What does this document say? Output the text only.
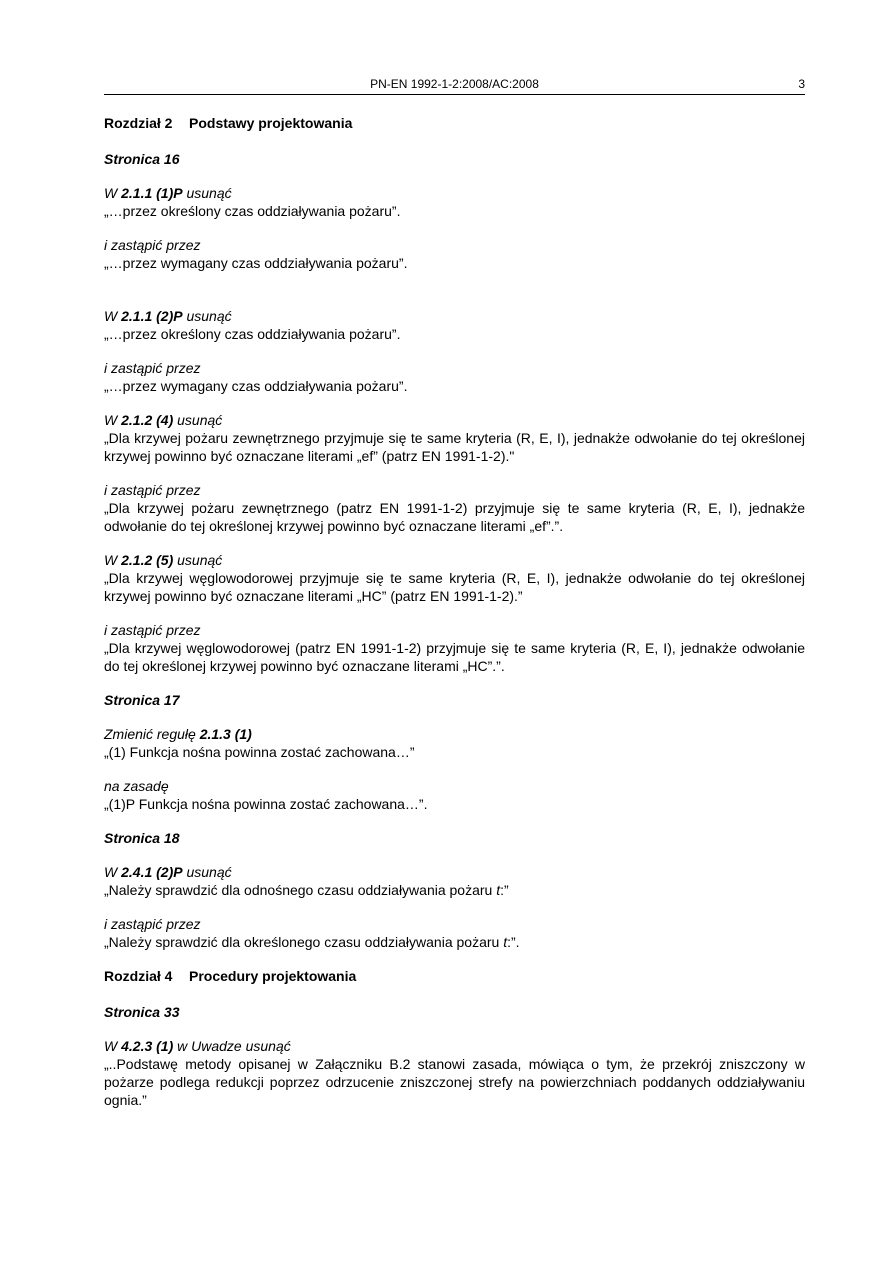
PN-EN 1992-1-2:2008/AC:2008	3
Rozdział 2 Podstawy projektowania
Stronica 16
W 2.1.1 (1)P usunąć
„…przez określony czas oddziaływania pożaru”.
i zastąpić przez
„…przez wymagany czas oddziaływania pożaru”.
W 2.1.1 (2)P usunąć
„…przez określony czas oddziaływania pożaru”.
i zastąpić przez
„…przez wymagany czas oddziaływania pożaru”.
W 2.1.2 (4) usunąć
„Dla krzywej pożaru zewnętrznego przyjmuje się te same kryteria (R, E, I), jednakże odwołanie do tej określonej krzywej powinno być oznaczane literami „ef” (patrz EN 1991-1-2)."
i zastąpić przez
„Dla krzywej pożaru zewnętrznego (patrz EN 1991-1-2) przyjmuje się te same kryteria (R, E, I), jednakże odwołanie do tej określonej krzywej powinno być oznaczane literami „ef”.”.
W 2.1.2 (5) usunąć
„Dla krzywej węglowodorowej przyjmuje się te same kryteria (R, E, I), jednakże odwołanie do tej określonej krzywej powinno być oznaczane literami „HC” (patrz EN 1991-1-2).”
i zastąpić przez
„Dla krzywej węglowodorowej (patrz EN 1991-1-2) przyjmuje się te same kryteria (R, E, I), jednakże odwołanie do tej określonej krzywej powinno być oznaczane literami „HC”.”.
Stronica 17
Zmienić regułę 2.1.3 (1)
„(1) Funkcja nośna powinna zostać zachowana…”
na zasadę
„(1)P Funkcja nośna powinna zostać zachowana…”.
Stronica 18
W 2.4.1 (2)P usunąć
„Należy sprawdzić dla odnośnego czasu oddziaływania pożaru t:”
i zastąpić przez
„Należy sprawdzić dla określonego czasu oddziaływania pożaru t:”.
Rozdział 4 Procedury projektowania
Stronica 33
W 4.2.3 (1) w Uwadze usunąć
„..Podstawę metody opisanej w Załączniku B.2 stanowi zasada, mówiąca o tym, że przekrój zniszczony w pożarze podlega redukcji poprzez odrzucenie zniszczonej strefy na powierzchniach poddanych oddziaływaniu ognia.”
